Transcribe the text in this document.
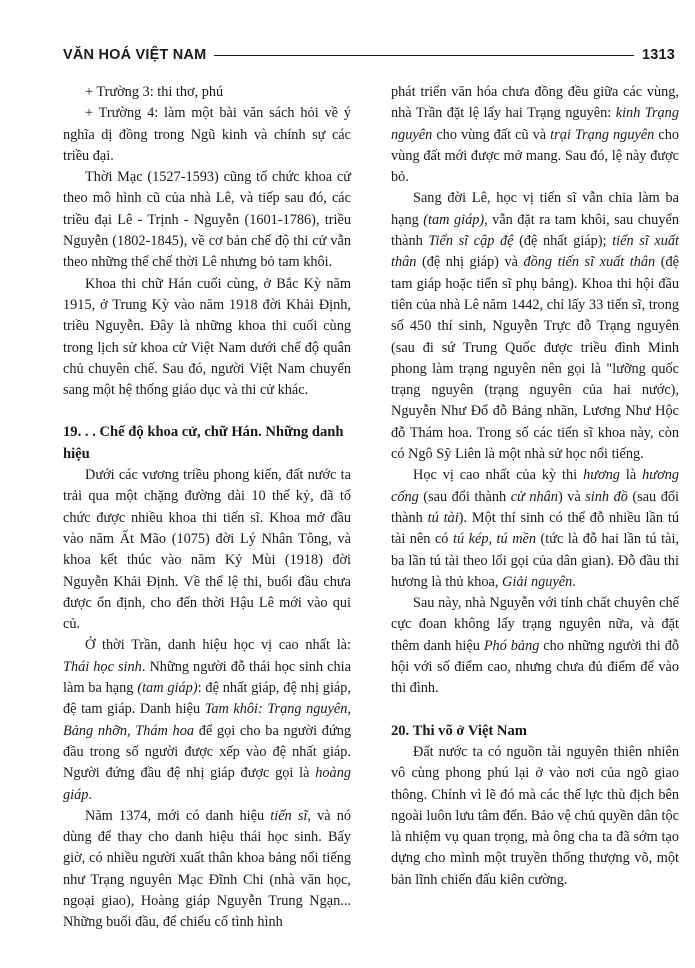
VĂN HOÁ VIỆT NAM	1313

+ Trường 3: thi thơ, phú

+ Trường 4: làm một bài văn sách hỏi về ý nghĩa dị đồng trong Ngũ kinh và chính sự các triều đại.

Thời Mạc (1527-1593) cũng tổ chức khoa cử theo mô hình cũ của nhà Lê, và tiếp sau đó, các triều đại Lê - Trịnh - Nguyễn (1601-1786), triều Nguyễn (1802-1845), về cơ bản chế độ thi cử vẫn theo những thể chế thời Lê nhưng bỏ tam khôi.

Khoa thi chữ Hán cuối cùng, ở Bắc Kỳ năm 1915, ở Trung Kỳ vào năm 1918 đời Khải Định, triều Nguyễn. Đây là những khoa thi cuối cùng trong lịch sử khoa cử Việt Nam dưới chế độ quân chủ chuyên chế. Sau đó, người Việt Nam chuyển sang một hệ thống giáo dục và thi cử khác.

19. . . Chế độ khoa cử, chữ Hán. Những danh hiệu

Dưới các vương triều phong kiến, đất nước ta trải qua một chặng đường dài 10 thế kỷ, đã tổ chức được nhiều khoa thi tiến sĩ. Khoa mở đầu vào năm Ất Mão (1075) đời Lý Nhân Tông, và khoa kết thúc vào năm Kỷ Mùi (1918) đời Nguyễn Khải Định. Về thể lệ thi, buổi đầu chưa được ổn định, cho đến thời Hậu Lê mới vào qui củ.

Ở thời Trần, danh hiệu học vị cao nhất là: Thái học sinh. Những người đỗ thái học sinh chia làm ba hạng (tam giáp): đệ nhất giáp, đệ nhị giáp, đệ tam giáp. Danh hiệu Tam khôi: Trạng nguyên, Bảng nhỡn, Thám hoa để gọi cho ba người đứng đầu trong số người được xếp vào đệ nhất giáp. Người đứng đầu đệ nhị giáp được gọi là hoàng giáp.

Năm 1374, mới có danh hiệu tiến sĩ, và nó dùng để thay cho danh hiệu thái học sinh. Bấy giờ, có nhiều người xuất thân khoa bảng nổi tiếng như Trạng nguyên Mạc Đĩnh Chi (nhà văn học, ngoại giao), Hoàng giáp Nguyễn Trung Ngạn... Những buổi đầu, để chiếu cố tình hình

phát triển văn hóa chưa đồng đều giữa các vùng, nhà Trần đặt lệ lấy hai Trạng nguyên: kinh Trạng nguyên cho vùng đất cũ và trại Trạng nguyên cho vùng đất mới được mở mang. Sau đó, lệ này được bỏ.

Sang đời Lê, học vị tiến sĩ vẫn chia làm ba hạng (tam giáp), vẫn đặt ra tam khôi, sau chuyển thành Tiến sĩ cập đệ (đệ nhất giáp); tiến sĩ xuất thân (đệ nhị giáp) và đồng tiến sĩ xuất thân (đệ tam giáp hoặc tiến sĩ phụ bảng). Khoa thi hội đầu tiên của nhà Lê năm 1442, chỉ lấy 33 tiến sĩ, trong số 450 thí sinh, Nguyễn Trực đỗ Trạng nguyên (sau đi sứ Trung Quốc được triều đình Minh phong làm trạng nguyên nên gọi là "lưỡng quốc trạng nguyên (trạng nguyên của hai nước), Nguyễn Như Đổ đỗ Bảng nhãn, Lương Như Hộc đỗ Thám hoa. Trong số các tiến sĩ khoa này, còn có Ngô Sỹ Liên là một nhà sử học nổi tiếng.

Học vị cao nhất của kỳ thi hương là hương cống (sau đổi thành cử nhân) và sinh đồ (sau đổi thành tú tài). Một thí sinh có thể đỗ nhiều lần tú tài nên có tú kép, tú mền (tức là đỗ hai lần tú tài, ba lần tú tài theo lối gọi của dân gian). Đỗ đầu thi hương là thủ khoa, Giải nguyên.

Sau này, nhà Nguyễn với tính chất chuyên chế cực đoan không lấy trạng nguyên nữa, và đặt thêm danh hiệu Phó bảng cho những người thi đỗ hội với số điểm cao, nhưng chưa đủ điểm để vào thi đình.

20. Thi võ ở Việt Nam

Đất nước ta có nguồn tài nguyên thiên nhiên vô cùng phong phú lại ở vào nơi của ngõ giao thông. Chính vì lẽ đó mà các thế lực thù địch bên ngoài luôn lưu tâm đến. Bảo vệ chủ quyền dân tộc là nhiệm vụ quan trọng, mà ông cha ta đã sớm tạo dựng cho mình một truyền thống thượng võ, một bản lĩnh chiến đấu kiên cường.
